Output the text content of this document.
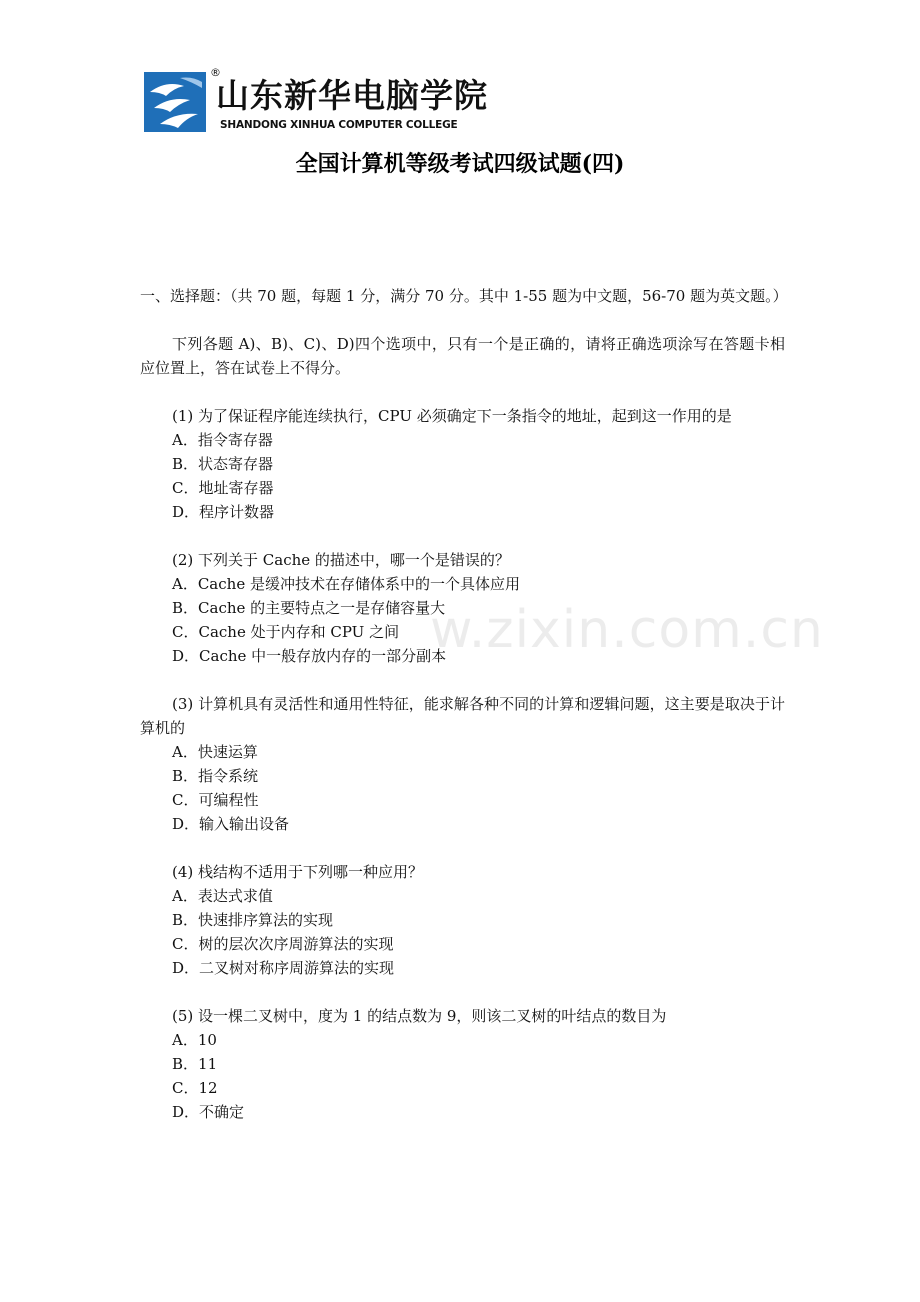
®
山东新华电脑学院
SHANDONG XINHUA COMPUTER COLLEGE
全国计算机等级考试四级试题(四)

一、选择题：（共 70 题，每题 1 分，满分 70 分。其中 1-55 题为中文题，56-70 题为英文题。）

下列各题 A)、B)、C)、D)四个选项中，只有一个是正确的，请将正确选项涂写在答题卡相应位置上，答在试卷上不得分。

(1) 为了保证程序能连续执行，CPU 必须确定下一条指令的地址，起到这一作用的是

A．指令寄存器

B．状态寄存器

C．地址寄存器

D．程序计数器

(2) 下列关于 Cache 的描述中，哪一个是错误的？

A．Cache 是缓冲技术在存储体系中的一个具体应用

B．Cache 的主要特点之一是存储容量大

C．Cache 处于内存和 CPU 之间

D．Cache 中一般存放内存的一部分副本

(3) 计算机具有灵活性和通用性特征，能求解各种不同的计算和逻辑问题，这主要是取决于计算机的

A．快速运算

B．指令系统

C．可编程性

D．输入输出设备

(4) 栈结构不适用于下列哪一种应用？

A．表达式求值

B．快速排序算法的实现

C．树的层次次序周游算法的实现

D．二叉树对称序周游算法的实现

(5) 设一棵二叉树中，度为 1 的结点数为 9，则该二叉树的叶结点的数目为

A．10

B．11

C．12

D．不确定

w.zixin.com.cn
